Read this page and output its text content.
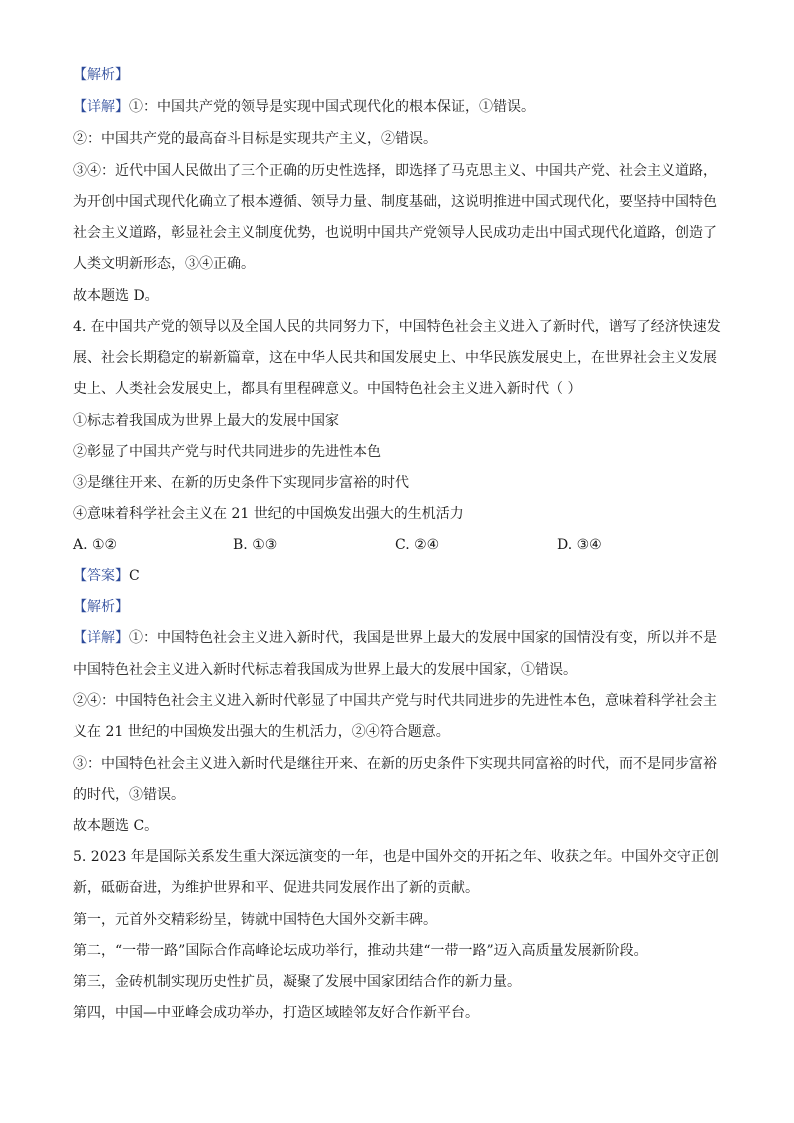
【解析】
【详解】①：中国共产党的领导是实现中国式现代化的根本保证，①错误。
②：中国共产党的最高奋斗目标是实现共产主义，②错误。
③④：近代中国人民做出了三个正确的历史性选择，即选择了马克思主义、中国共产党、社会主义道路，
为开创中国式现代化确立了根本遵循、领导力量、制度基础，这说明推进中国式现代化，要坚持中国特色
社会主义道路，彰显社会主义制度优势，也说明中国共产党领导人民成功走出中国式现代化道路，创造了
人类文明新形态，③④正确。
故本题选 D。
4. 在中国共产党的领导以及全国人民的共同努力下，中国特色社会主义进入了新时代，谱写了经济快速发
展、社会长期稳定的崭新篇章，这在中华人民共和国发展史上、中华民族发展史上，在世界社会主义发展
史上、人类社会发展史上，都具有里程碑意义。中国特色社会主义进入新时代（ ）
①标志着我国成为世界上最大的发展中国家
②彰显了中国共产党与时代共同进步的先进性本色
③是继往开来、在新的历史条件下实现同步富裕的时代
④意味着科学社会主义在 21 世纪的中国焕发出强大的生机活力
A. ①②	B. ①③	C. ②④	D. ③④
【答案】C
【解析】
【详解】①：中国特色社会主义进入新时代，我国是世界上最大的发展中国家的国情没有变，所以并不是
中国特色社会主义进入新时代标志着我国成为世界上最大的发展中国家，①错误。
②④：中国特色社会主义进入新时代彰显了中国共产党与时代共同进步的先进性本色，意味着科学社会主
义在 21 世纪的中国焕发出强大的生机活力，②④符合题意。
③：中国特色社会主义进入新时代是继往开来、在新的历史条件下实现共同富裕的时代，而不是同步富裕
的时代，③错误。
故本题选 C。
5. 2023 年是国际关系发生重大深远演变的一年，也是中国外交的开拓之年、收获之年。中国外交守正创
新，砥砺奋进，为维护世界和平、促进共同发展作出了新的贡献。
第一，元首外交精彩纷呈，铸就中国特色大国外交新丰碑。
第二，“一带一路”国际合作高峰论坛成功举行，推动共建“一带一路”迈入高质量发展新阶段。
第三，金砖机制实现历史性扩员，凝聚了发展中国家团结合作的新力量。
第四，中国—中亚峰会成功举办，打造区域睦邻友好合作新平台。
